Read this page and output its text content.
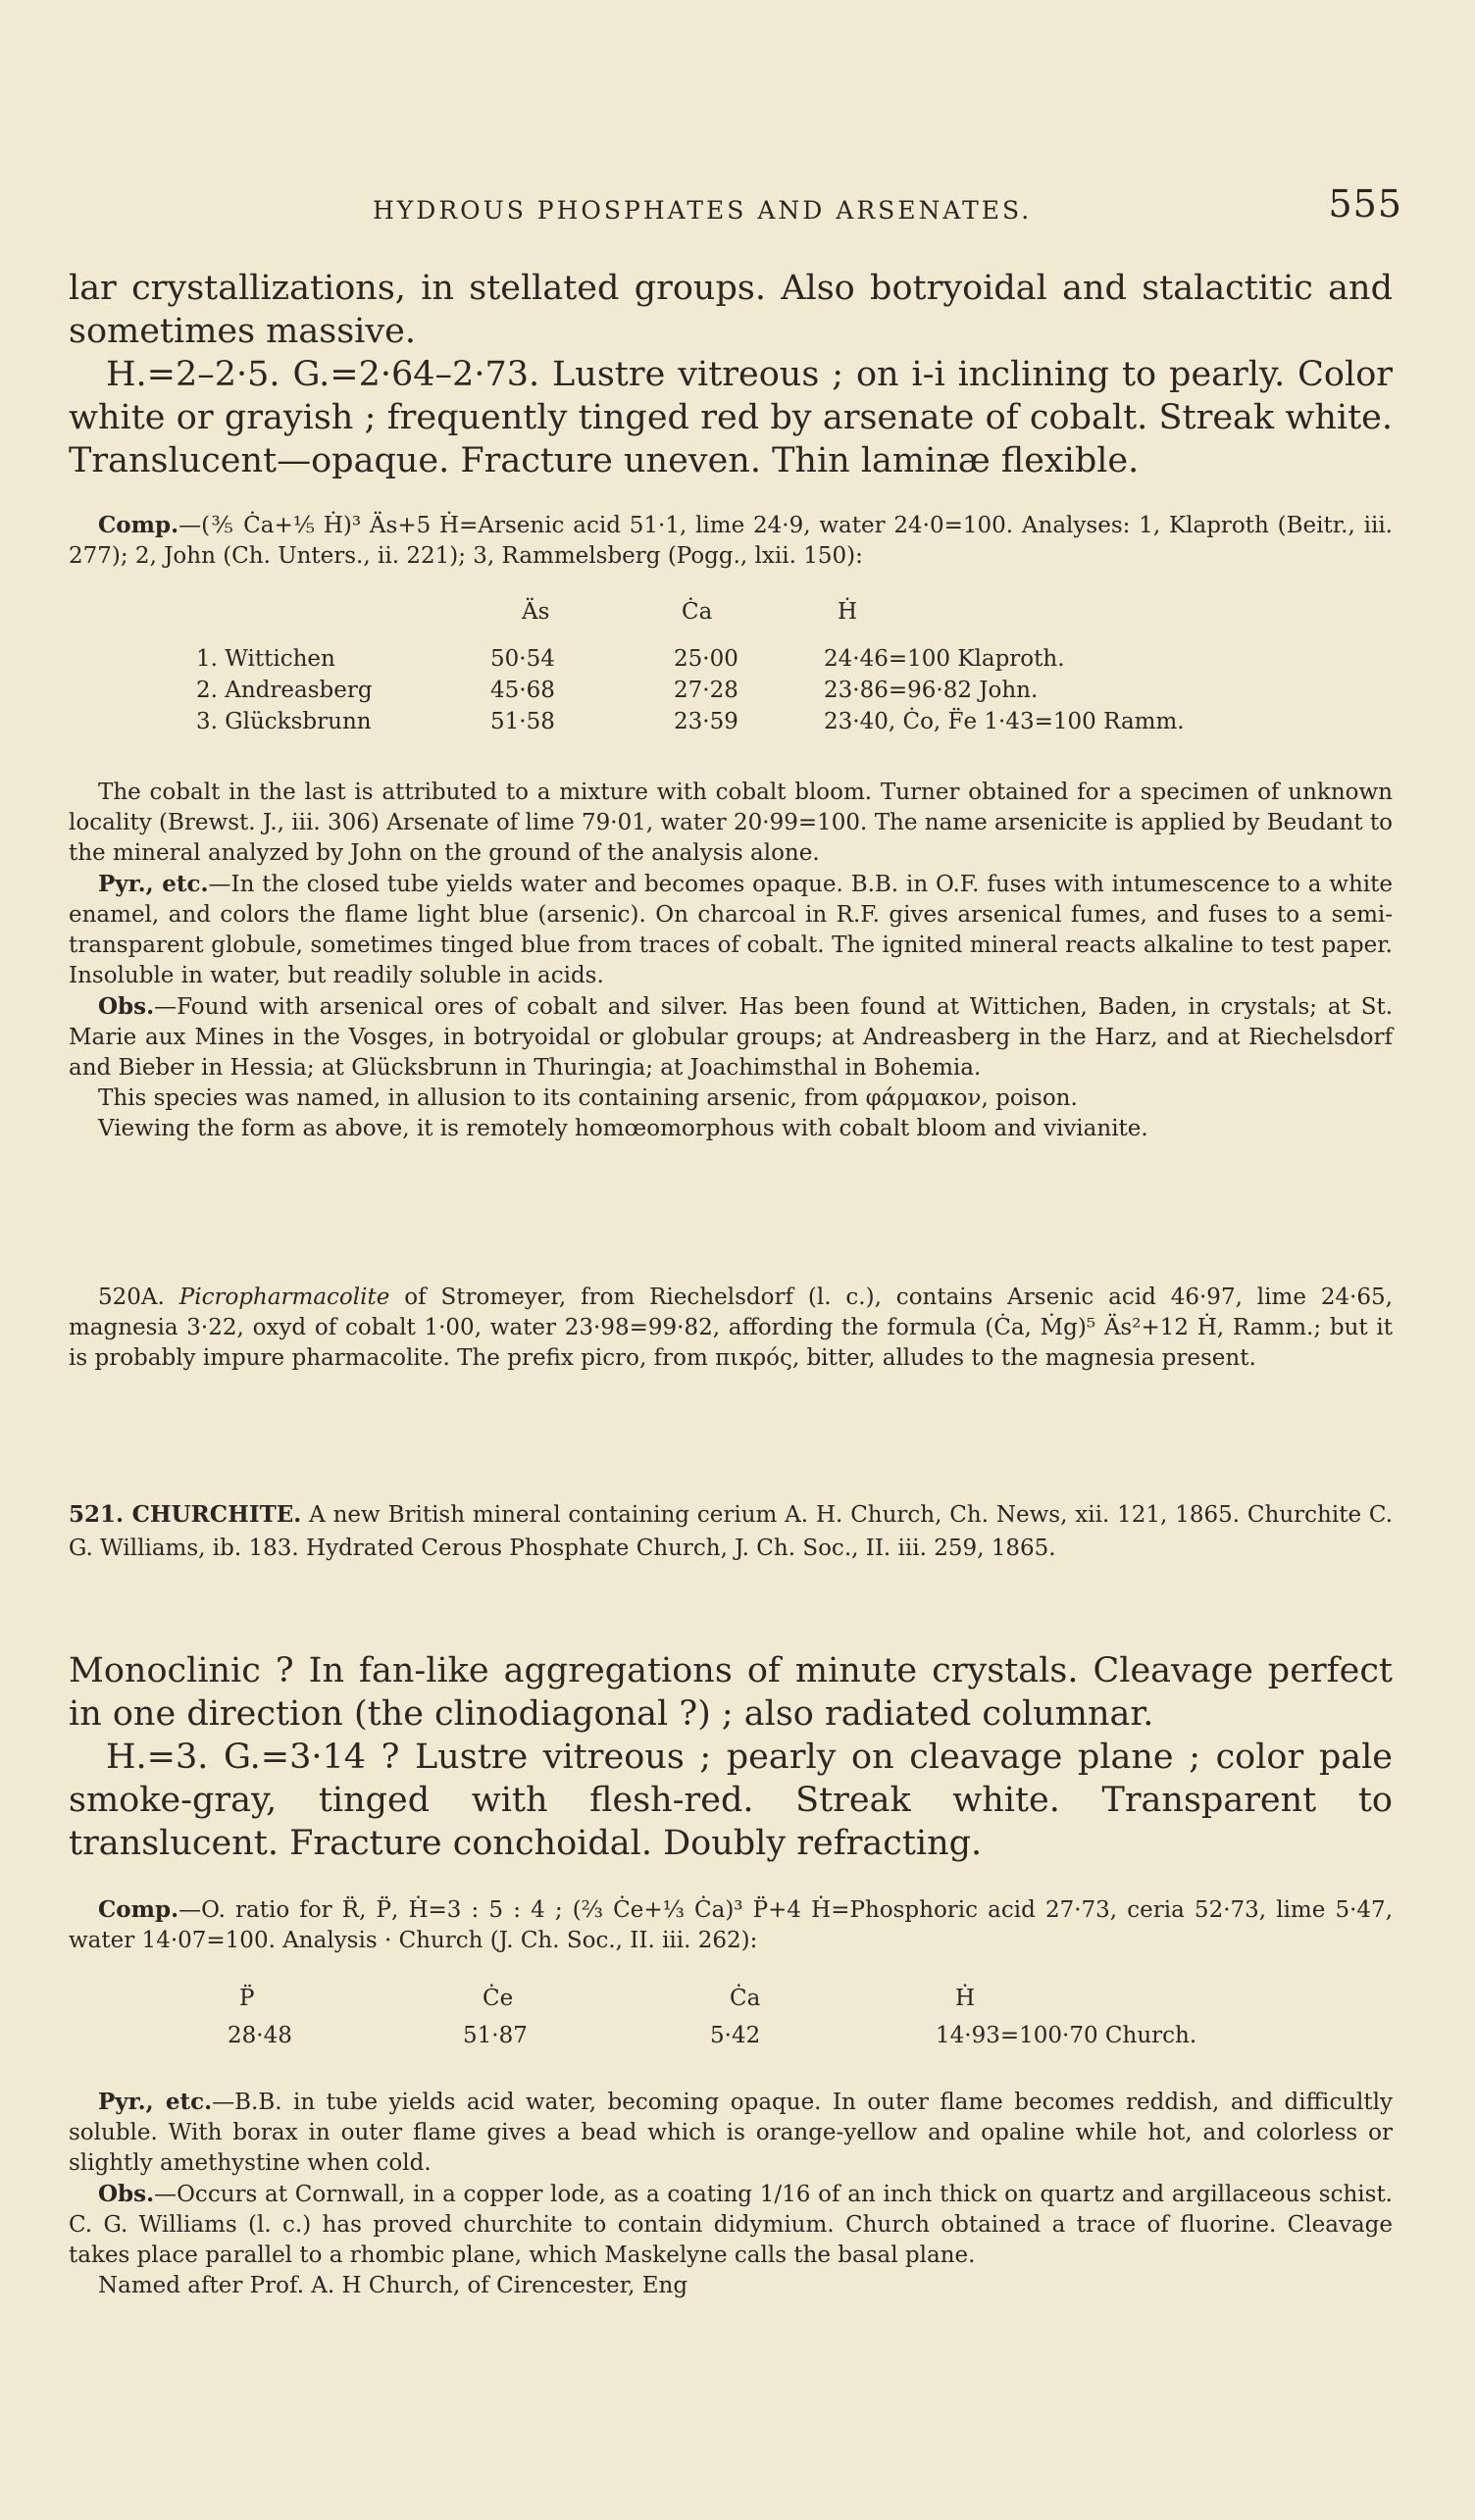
HYDROUS PHOSPHATES AND ARSENATES.	555

lar crystallizations, in stellated groups. Also botryoidal and stalactitic and sometimes massive.

H.=2–2·5. G.=2·64–2·73. Lustre vitreous ; on i-i inclining to pearly. Color white or grayish ; frequently tinged red by arsenate of cobalt. Streak white. Translucent—opaque. Fracture uneven. Thin laminæ flexible.

Comp.—(⅗ Ċa+⅕ Ḣ)³ Äs+5 Ḣ=Arsenic acid 51·1, lime 24·9, water 24·0=100. Analyses: 1, Klaproth (Beitr., iii. 277); 2, John (Ch. Unters., ii. 221); 3, Rammelsberg (Pogg., lxii. 150):

	Äs	Ċa	Ḣ

1. Wittichen	50·54	25·00	24·46=100 Klaproth.
2. Andreasberg	45·68	27·28	23·86=96·82 John.
3. Glücksbrunn	51·58	23·59	23·40, Ċo, F̈e 1·43=100 Ramm.

The cobalt in the last is attributed to a mixture with cobalt bloom. Turner obtained for a specimen of unknown locality (Brewst. J., iii. 306) Arsenate of lime 79·01, water 20·99=100. The name arsenicite is applied by Beudant to the mineral analyzed by John on the ground of the analysis alone.

Pyr., etc.—In the closed tube yields water and becomes opaque. B.B. in O.F. fuses with intumescence to a white enamel, and colors the flame light blue (arsenic). On charcoal in R.F. gives arsenical fumes, and fuses to a semi-transparent globule, sometimes tinged blue from traces of cobalt. The ignited mineral reacts alkaline to test paper. Insoluble in water, but readily soluble in acids.

Obs.—Found with arsenical ores of cobalt and silver. Has been found at Wittichen, Baden, in crystals; at St. Marie aux Mines in the Vosges, in botryoidal or globular groups; at Andreasberg in the Harz, and at Riechelsdorf and Bieber in Hessia; at Glücksbrunn in Thuringia; at Joachimsthal in Bohemia.

This species was named, in allusion to its containing arsenic, from φάρμακον, poison.

Viewing the form as above, it is remotely homœomorphous with cobalt bloom and vivianite.

520A. Picropharmacolite of Stromeyer, from Riechelsdorf (l. c.), contains Arsenic acid 46·97, lime 24·65, magnesia 3·22, oxyd of cobalt 1·00, water 23·98=99·82, affording the formula (Ċa, Ṁg)⁵ Äs²+12 Ḣ, Ramm.; but it is probably impure pharmacolite. The prefix picro, from πικρός, bitter, alludes to the magnesia present.

521. CHURCHITE. A new British mineral containing cerium A. H. Church, Ch. News, xii. 121, 1865. Churchite C. G. Williams, ib. 183. Hydrated Cerous Phosphate Church, J. Ch. Soc., II. iii. 259, 1865.

Monoclinic ? In fan-like aggregations of minute crystals. Cleavage perfect in one direction (the clinodiagonal ?) ; also radiated columnar.

H.=3. G.=3·14 ? Lustre vitreous ; pearly on cleavage plane ; color pale smoke-gray, tinged with flesh-red. Streak white. Transparent to translucent. Fracture conchoidal. Doubly refracting.

Comp.—O. ratio for R̈, P̈, Ḣ=3 : 5 : 4 ; (⅔ Ċe+⅓ Ċa)³ P̈+4 Ḣ=Phosphoric acid 27·73, ceria 52·73, lime 5·47, water 14·07=100. Analysis · Church (J. Ch. Soc., II. iii. 262):

P̈	Ċe	Ċa	Ḣ

28·48	51·87	5·42	14·93=100·70 Church.

Pyr., etc.—B.B. in tube yields acid water, becoming opaque. In outer flame becomes reddish, and difficultly soluble. With borax in outer flame gives a bead which is orange-yellow and opaline while hot, and colorless or slightly amethystine when cold.

Obs.—Occurs at Cornwall, in a copper lode, as a coating 1/16 of an inch thick on quartz and argillaceous schist. C. G. Williams (l. c.) has proved churchite to contain didymium. Church obtained a trace of fluorine. Cleavage takes place parallel to a rhombic plane, which Maskelyne calls the basal plane.

Named after Prof. A. H Church, of Cirencester, Eng
